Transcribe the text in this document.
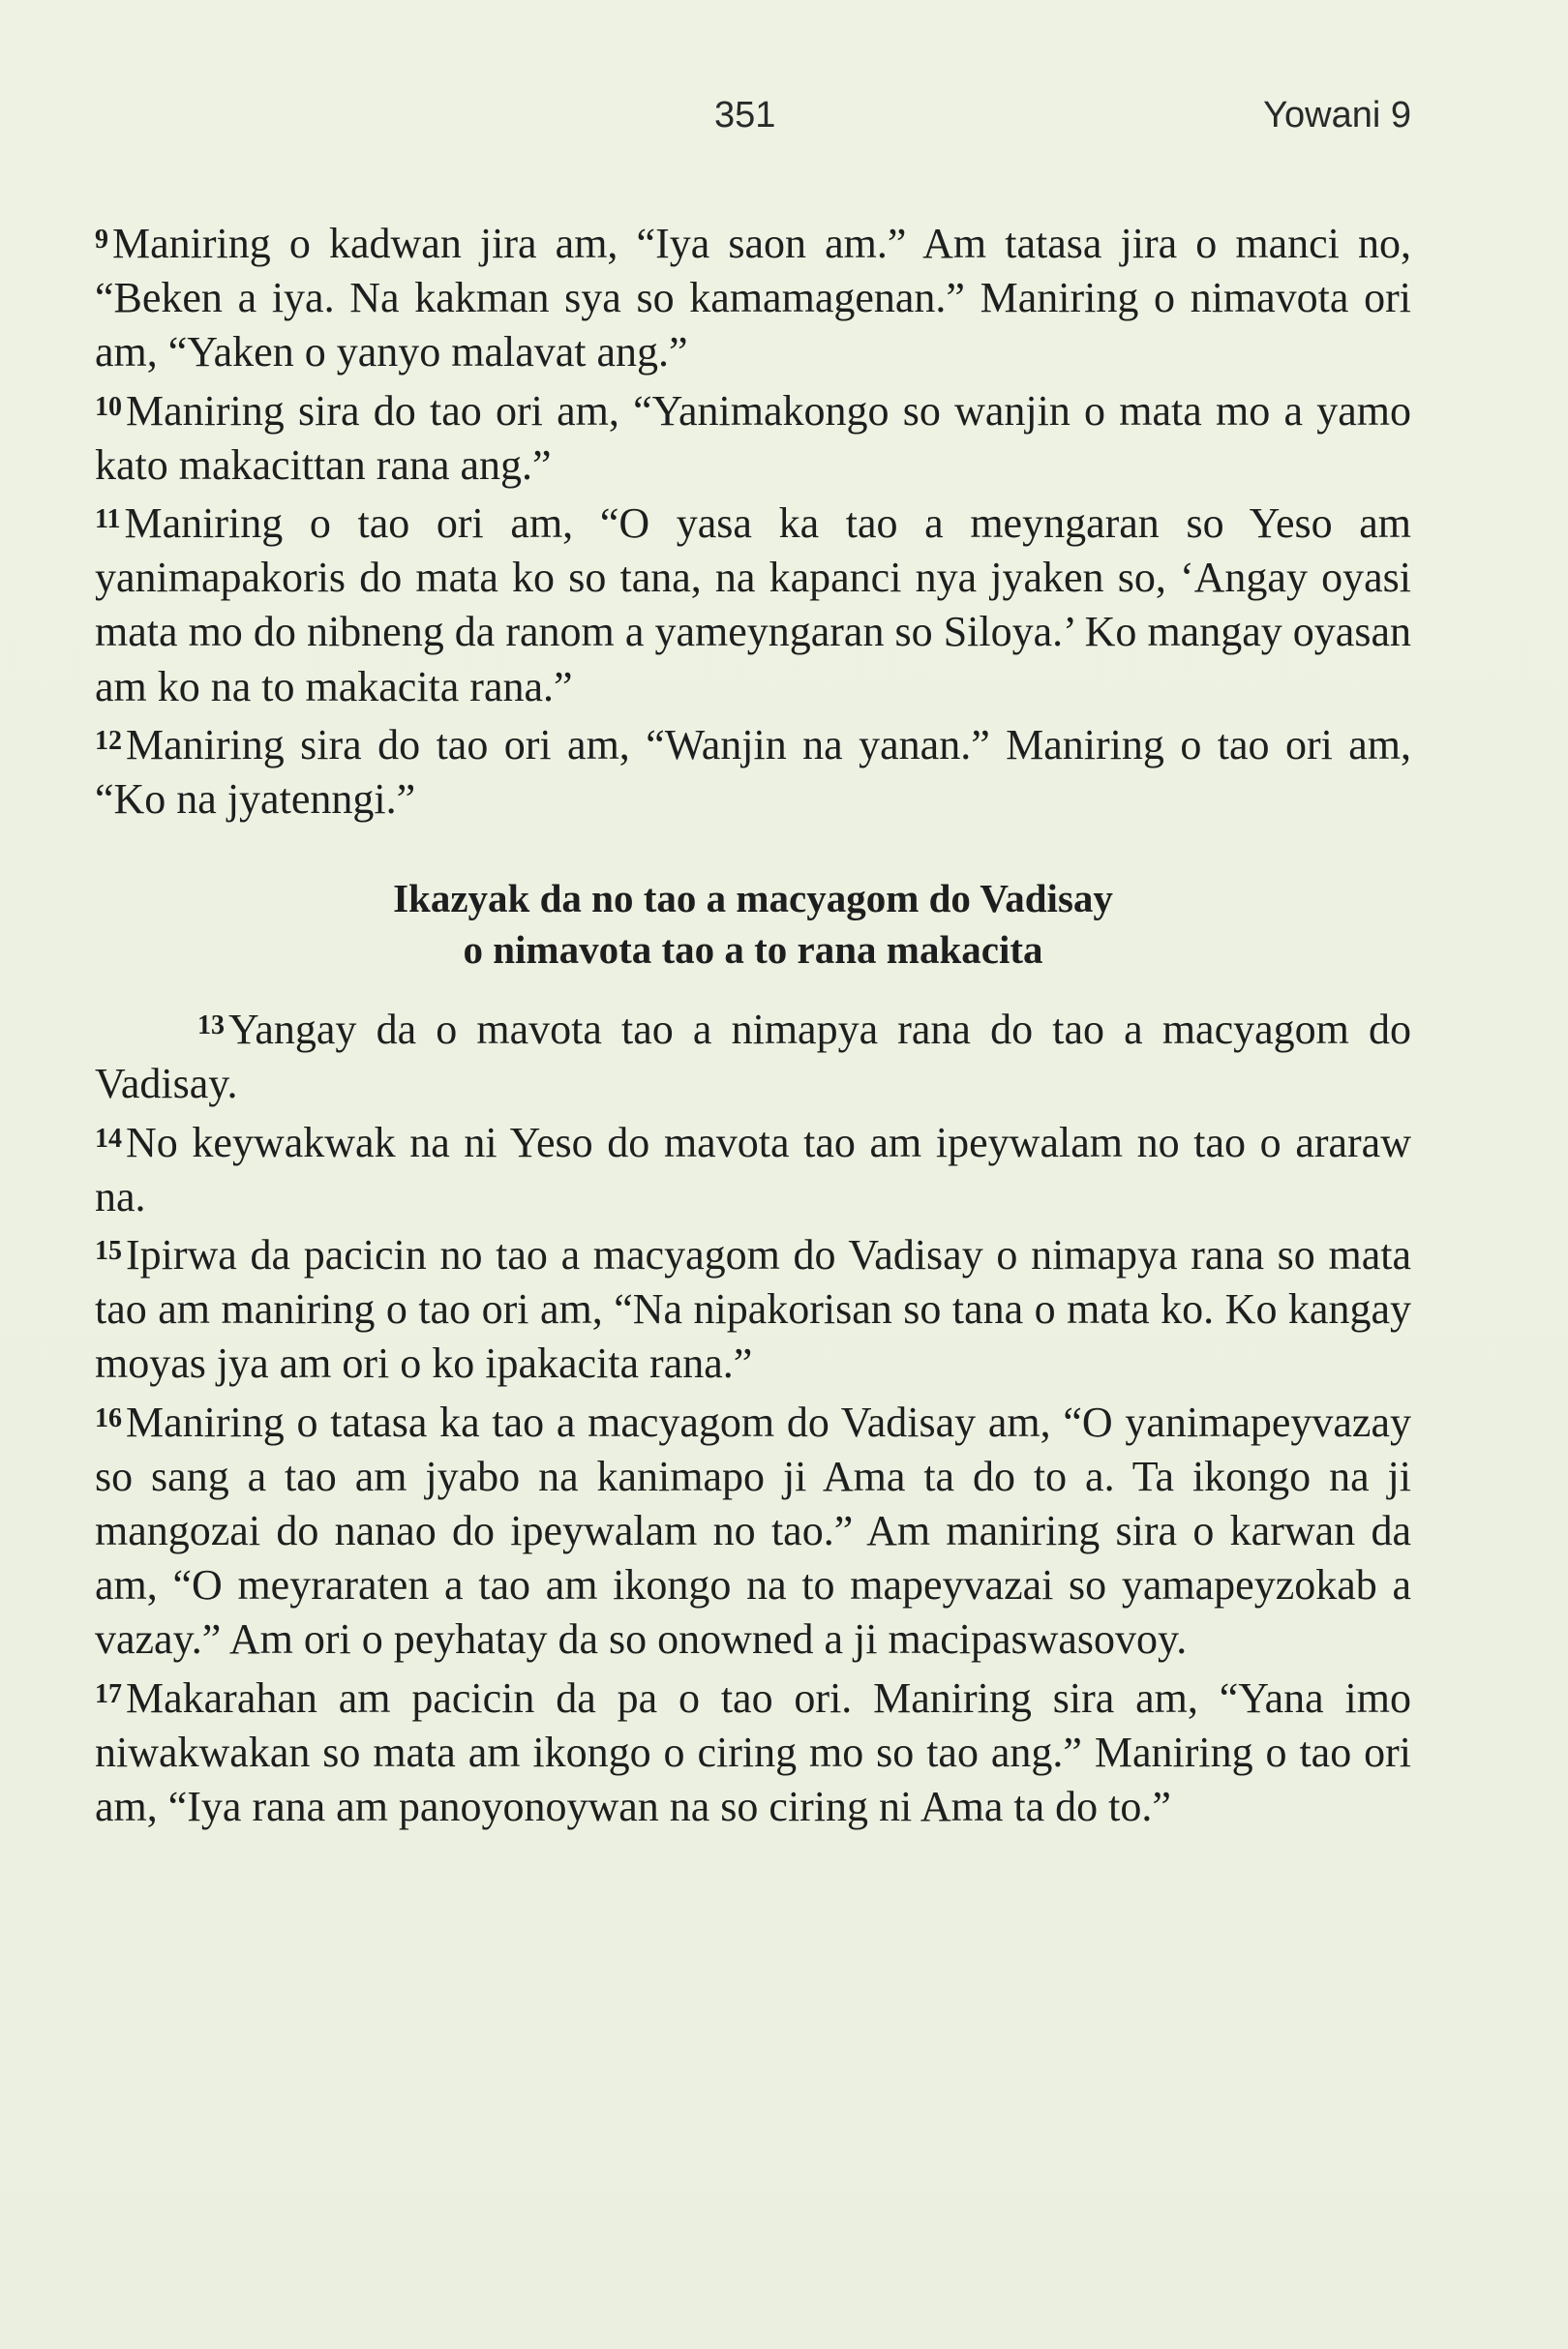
351	Yowani 9

$^9$Maniring o kadwan jira am, “Iya saon am.” Am tatasa jira o manci no, “Beken a iya. Na kakman sya so kamamagenan.” Maniring o nimavota ori am, “Yaken o yanyo malavat ang.”

$^{10}$Maniring sira do tao ori am, “Yanimakongo so wanjin o mata mo a yamo kato makacittan rana ang.”

$^{11}$Maniring o tao ori am, “O yasa ka tao a meyngaran so Yeso am yanimapakoris do mata ko so tana, na kapanci nya jyaken so, ‘Angay oyasi mata mo do nibneng da ranom a yameyngaran so Siloya.’ Ko mangay oyasan am ko na to makacita rana.”

$^{12}$Maniring sira do tao ori am, “Wanjin na yanan.” Maniring o tao ori am, “Ko na jyatenngi.”

Ikazyak da no tao a macyagom do Vadisay
o nimavota tao a to rana makacita

$^{13}$Yangay da o mavota tao a nimapya rana do tao a macyagom do Vadisay.

$^{14}$No keywakwak na ni Yeso do mavota tao am ipeywalam no tao o araraw na.

$^{15}$Ipirwa da pacicin no tao a macyagom do Vadisay o nimapya rana so mata tao am maniring o tao ori am, “Na nipakorisan so tana o mata ko. Ko kangay moyas jya am ori o ko ipakacita rana.”

$^{16}$Maniring o tatasa ka tao a macyagom do Vadisay am, “O yanimapeyvazay so sang a tao am jyabo na kanimapo ji Ama ta do to a. Ta ikongo na ji mangozai do nanao do ipeywalam no tao.” Am maniring sira o karwan da am, “O meyraraten a tao am ikongo na to mapeyvazai so yamapeyzokab a vazay.” Am ori o peyhatay da so onowned a ji macipaswasovoy.

$^{17}$Makarahan am pacicin da pa o tao ori. Maniring sira am, “Yana imo niwakwakan so mata am ikongo o ciring mo so tao ang.” Maniring o tao ori am, “Iya rana am panoyonoywan na so ciring ni Ama ta do to.”
